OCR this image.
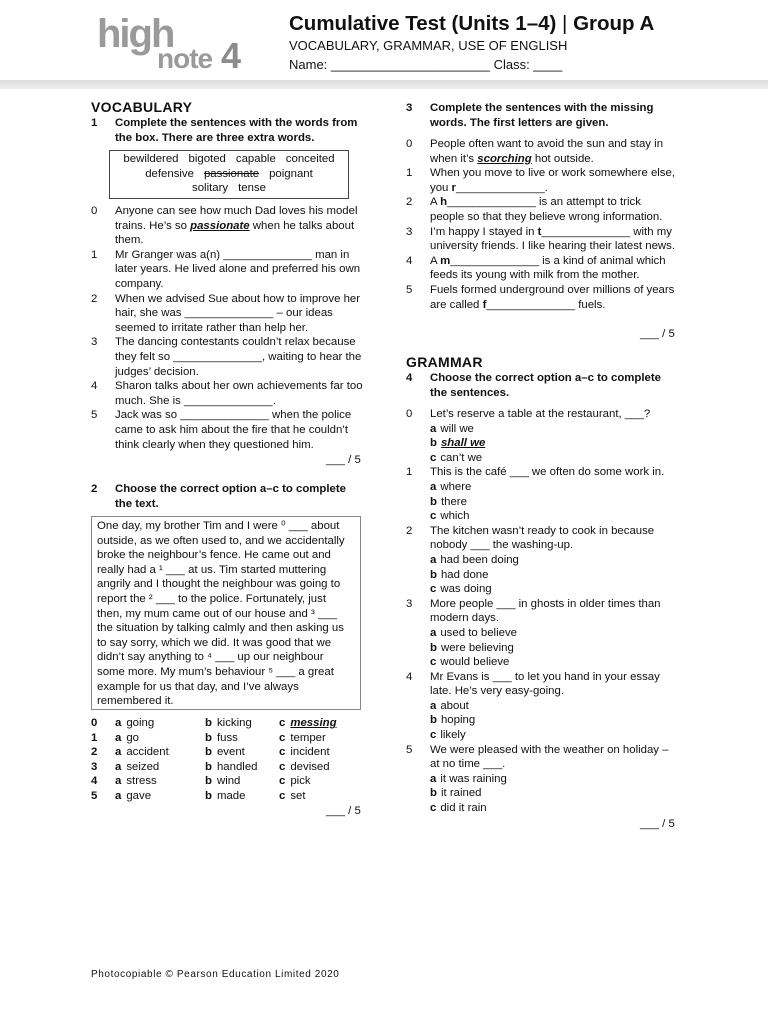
high
note 4
Cumulative Test (Units 1–4) | Group A
VOCABULARY, GRAMMAR, USE OF ENGLISH
Name: ______________________ Class: ____
VOCABULARY
1	Complete the sentences with the words from the box. There are three extra words.
bewildered bigoted capable conceited
defensive passionate poignant
solitary tense
0	Anyone can see how much Dad loves his model trains. He’s so passionate when he talks about them.
1	Mr Granger was a(n) ______________ man in later years. He lived alone and preferred his own company.
2	When we advised Sue about how to improve her hair, she was ______________ – our ideas seemed to irritate rather than help her.
3	The dancing contestants couldn’t relax because they felt so ______________, waiting to hear the judges’ decision.
4	Sharon talks about her own achievements far too much. She is ______________.
5	Jack was so ______________ when the police came to ask him about the fire that he couldn’t think clearly when they questioned him.
___ / 5
2	Choose the correct option a–c to complete the text.
One day, my brother Tim and I were ⁰ ___ about
outside, as we often used to, and we accidentally
broke the neighbour’s fence. He came out and
really had a ¹ ___ at us. Tim started muttering
angrily and I thought the neighbour was going to
report the ² ___ to the police. Fortunately, just
then, my mum came out of our house and ³ ___
the situation by talking calmly and then asking us
to say sorry, which we did. It was good that we
didn’t say anything to ⁴ ___ up our neighbour
some more. My mum’s behaviour ⁵ ___ a great
example for us that day, and I’ve always
remembered it.
0	a going	b kicking	c messing
1	a go	b fuss	c temper
2	a accident	b event	c incident
3	a seized	b handled	c devised
4	a stress	b wind	c pick
5	a gave	b made	c set
___ / 5
3	Complete the sentences with the missing words. The first letters are given.
0	People often want to avoid the sun and stay in when it’s scorching hot outside.
1	When you move to live or work somewhere else, you r______________.
2	A h______________ is an attempt to trick people so that they believe wrong information.
3	I’m happy I stayed in t______________ with my university friends. I like hearing their latest news.
4	A m______________ is a kind of animal which feeds its young with milk from the mother.
5	Fuels formed underground over millions of years are called f______________ fuels.
___ / 5
GRAMMAR
4	Choose the correct option a–c to complete the sentences.
0	Let’s reserve a table at the restaurant, ___?
a will we
b shall we
c can’t we
1	This is the café ___ we often do some work in.
a where
b there
c which
2	The kitchen wasn’t ready to cook in because nobody ___ the washing-up.
a had been doing
b had done
c was doing
3	More people ___ in ghosts in older times than modern days.
a used to believe
b were believing
c would believe
4	Mr Evans is ___ to let you hand in your essay late. He’s very easy-going.
a about
b hoping
c likely
5	We were pleased with the weather on holiday – at no time ___.
a it was raining
b it rained
c did it rain
___ / 5
Photocopiable © Pearson Education Limited 2020
